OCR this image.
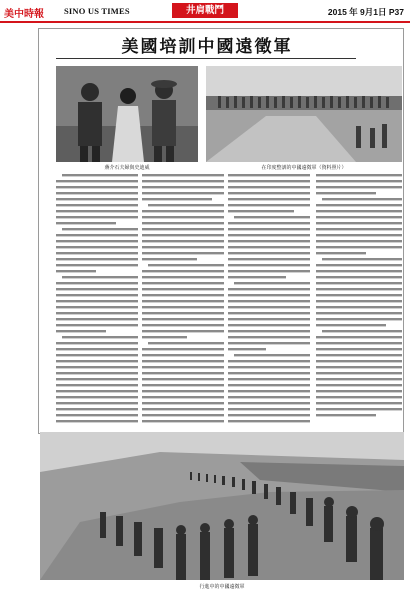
美中時報 SINO US TIMES	井肩戰鬥	2015 年 9月1日 P37
美國培訓中國遠徵軍
蔣介石夫婦與史迪威	在印度整訓的中國遠徵軍（資料照片）
行進中的中國遠徵軍
